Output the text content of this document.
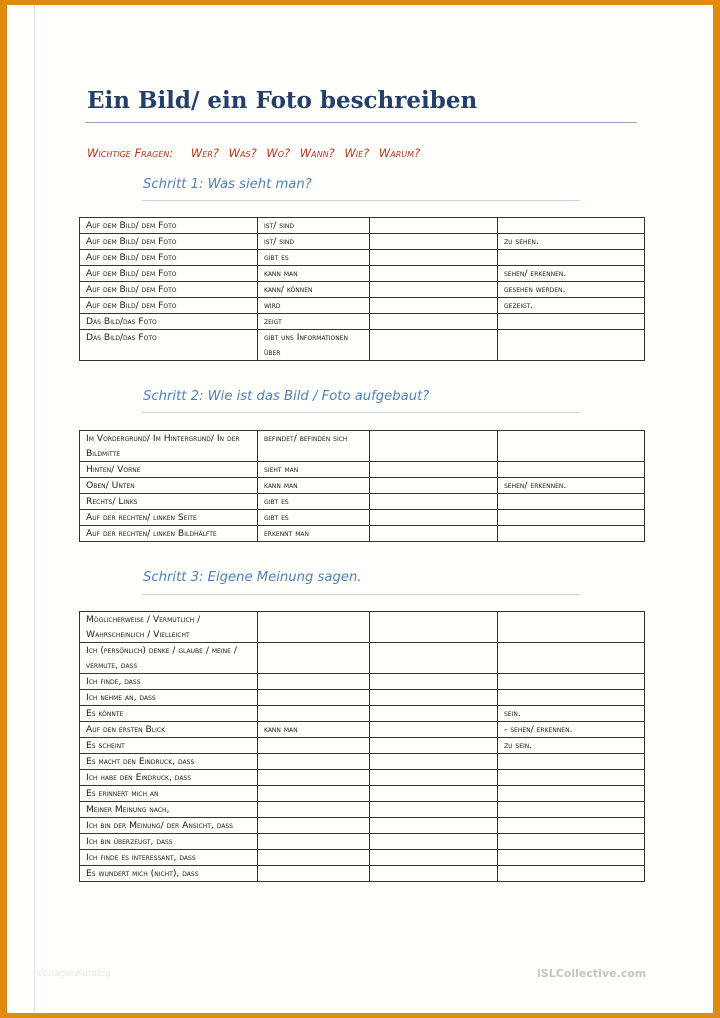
Ein Bild/ ein Foto beschreiben
Wichtige Fragen: Wer? Was? Wo? Wann? Wie? Warum?
Schritt 1: Was sieht man?
Auf dem Bild/ dem Foto	ist/ sind		
Auf dem Bild/ dem Foto	ist/ sind		zu sehen.
Auf dem Bild/ dem Foto	gibt es		
Auf dem Bild/ dem Foto	kann man		sehen/ erkennen.
Auf dem Bild/ dem Foto	kann/ können		gesehen werden.
Auf dem Bild/ dem Foto	wird		gezeigt.
Das Bild/das Foto	zeigt		
Das Bild/das Foto	gibt uns Informationen über		
Schritt 2: Wie ist das Bild / Foto aufgebaut?
Im Vordergrund/ Im Hintergrund/ In der Bildmitte	befindet/ befinden sich		
Hinten/ Vorne	sieht man		
Oben/ Unten	kann man		sehen/ erkennen.
Rechts/ Links	gibt es		
Auf der rechten/ linken Seite	gibt es		
Auf der rechten/ linken Bildhälfte	erkennt man		
Schritt 3: Eigene Meinung sagen.
Möglicherweise / Vermutlich / Wahrscheinlich / Vielleicht			
Ich (persönlich) denke / glaube / meine / vermute, dass			
Ich finde, dass			
Ich nehme an, dass			
Es könnte			sein.
Auf den ersten Blick	kann man		- sehen/ erkennen.
Es scheint			zu sein.
Es macht den Eindruck, dass			
Ich habe den Eindruck, dass			
Es erinnert mich an			
Meiner Meinung nach,			
Ich bin der Meinung/ der Ansicht, dass			
Ich bin überzeugt, dass			
Ich finde es interessant, dass			
Es wundert mich (nicht), dass			
VorlagenKatalog	iSLCollective.com
